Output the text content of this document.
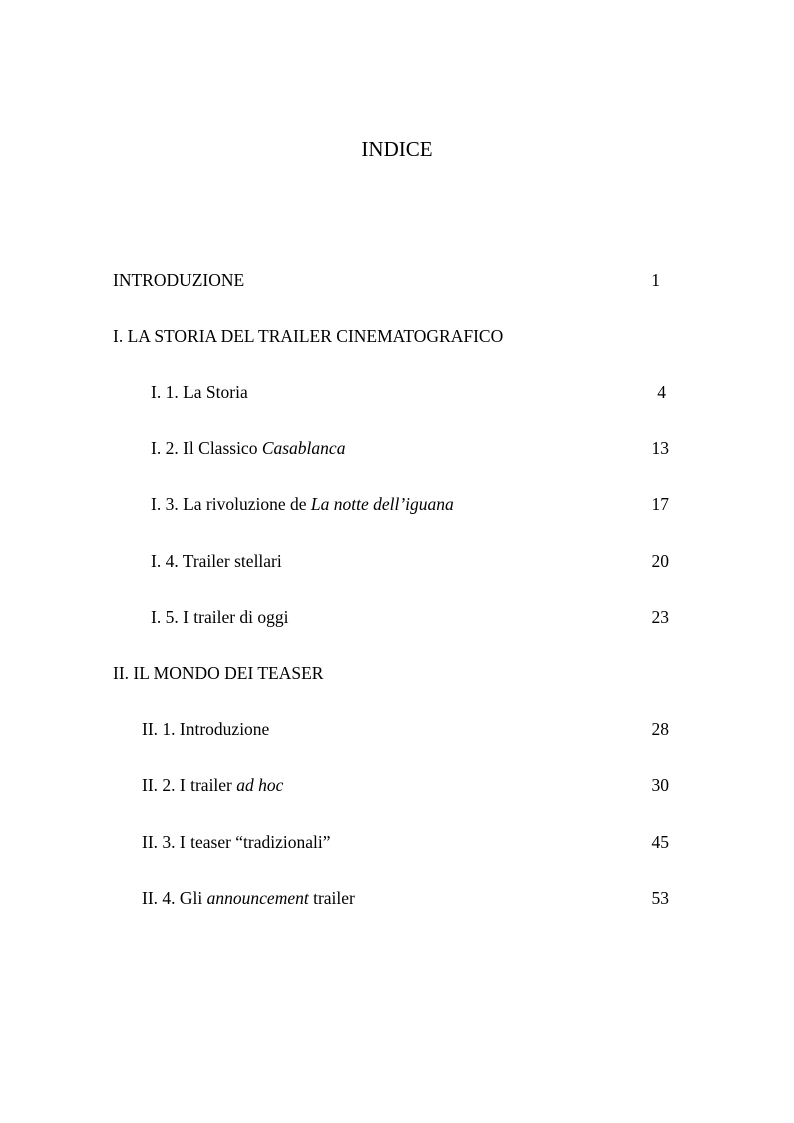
INDICE
INTRODUZIONE	1
I. LA STORIA DEL TRAILER CINEMATOGRAFICO
I. 1. La Storia	4
I. 2. Il Classico Casablanca	13
I. 3. La rivoluzione de La notte dell’iguana	17
I. 4. Trailer stellari	20
I. 5. I trailer di oggi	23
II. IL MONDO DEI TEASER
II. 1. Introduzione	28
II. 2. I trailer ad hoc	30
II. 3. I teaser “tradizionali”	45
II. 4. Gli announcement trailer	53
